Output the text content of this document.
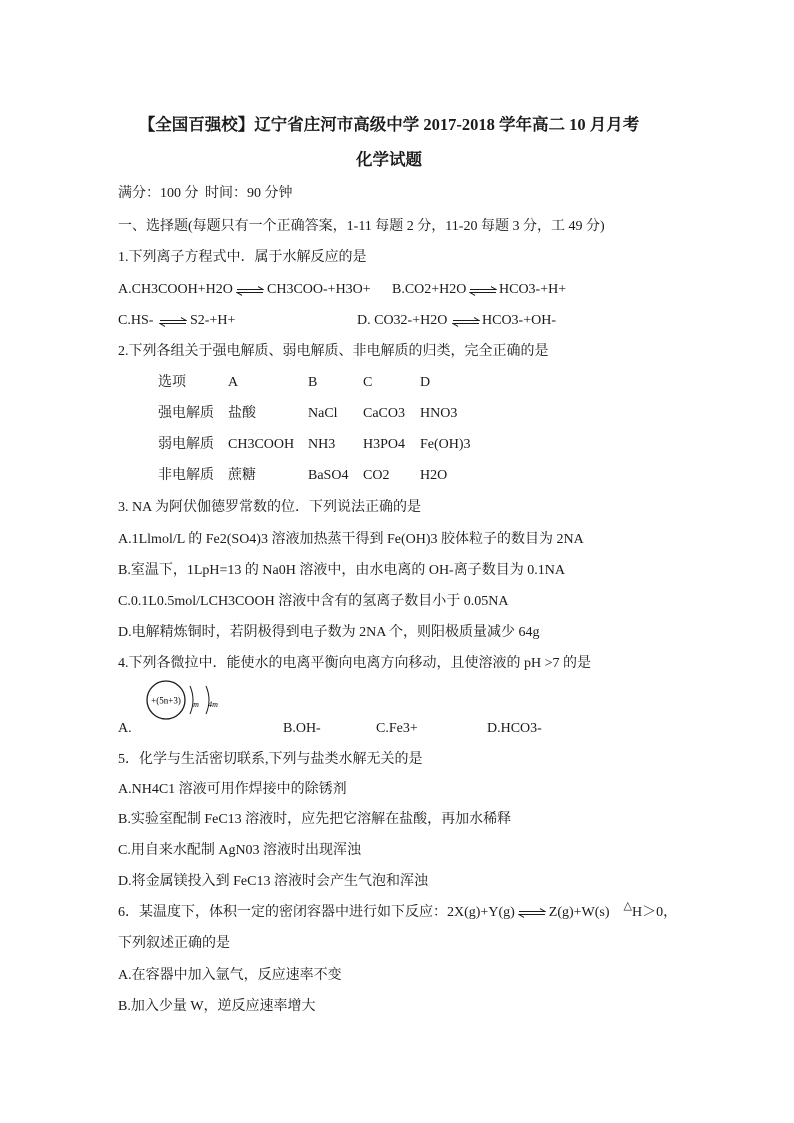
【全国百强校】辽宁省庄河市高级中学 2017-2018 学年高二 10 月月考
化学试题
满分：100 分 时间：90 分钟
一、选择题(每题只有一个正确答案，1-11 每题 2 分，11-20 每题 3 分，工 49 分)
1.下列离子方程式中．属于水解反应的是
A.CH3COOH+H2O ⇌ CH3COO-+H3O+ B.CO2+H2O ⇌ HCO3-+H+
C.HS- ⇌ S2-+H+	D. CO32-+H2O ⇌ HCO3-+OH-
2.下列各组关于强电解质、弱电解质、非电解质的归类，完全正确的是
选项	A	B	C	D
强电解质 盐酸	NaCl CaCO3 HNO3
弱电解质 CH3COOH NH3 H3PO4 Fe(OH)3
非电解质 蔗糖	BaSO4 CO2 H2O
3. NA 为阿伏伽德罗常数的位．下列说法正确的是
A.1Llmol/L 的 Fe2(SO4)3 溶液加热蒸干得到 Fe(OH)3 胶体粒子的数目为 2NA
B.室温下，1LpH=13 的 Na0H 溶液中，由水电离的 OH-离子数目为 0.1NA
C.0.1L0.5mol/LCH3COOH 溶液中含有的氢离子数目小于 0.05NA
D.电解精炼铜时，若阴极得到电子数为 2NA 个，则阳极质量减少 64g
4.下列各微拉中．能使水的电离平衡向电离方向移动，且使溶液的 pH >7 的是
+(5n+3) m 4m
A.	B.OH-	C.Fe3+	D.HCO3-
5．化学与生活密切联系,下列与盐类水解无关的是
A.NH4C1 溶液可用作焊接中的除锈剂
B.实验室配制 FeC13 溶液时，应先把它溶解在盐酸，再加水稀释
C.用自来水配制 AgN03 溶液时出现浑浊
D.将金属镁投入到 FeC13 溶液时会产生气泡和浑浊
6．某温度下，体积一定的密闭容器中进行如下反应：2X(g)+Y(g) ⇌ Z(g)+W(s) △H＞0，
下列叙述正确的是
A.在容器中加入氩气，反应速率不变
B.加入少量 W，逆反应速率增大
